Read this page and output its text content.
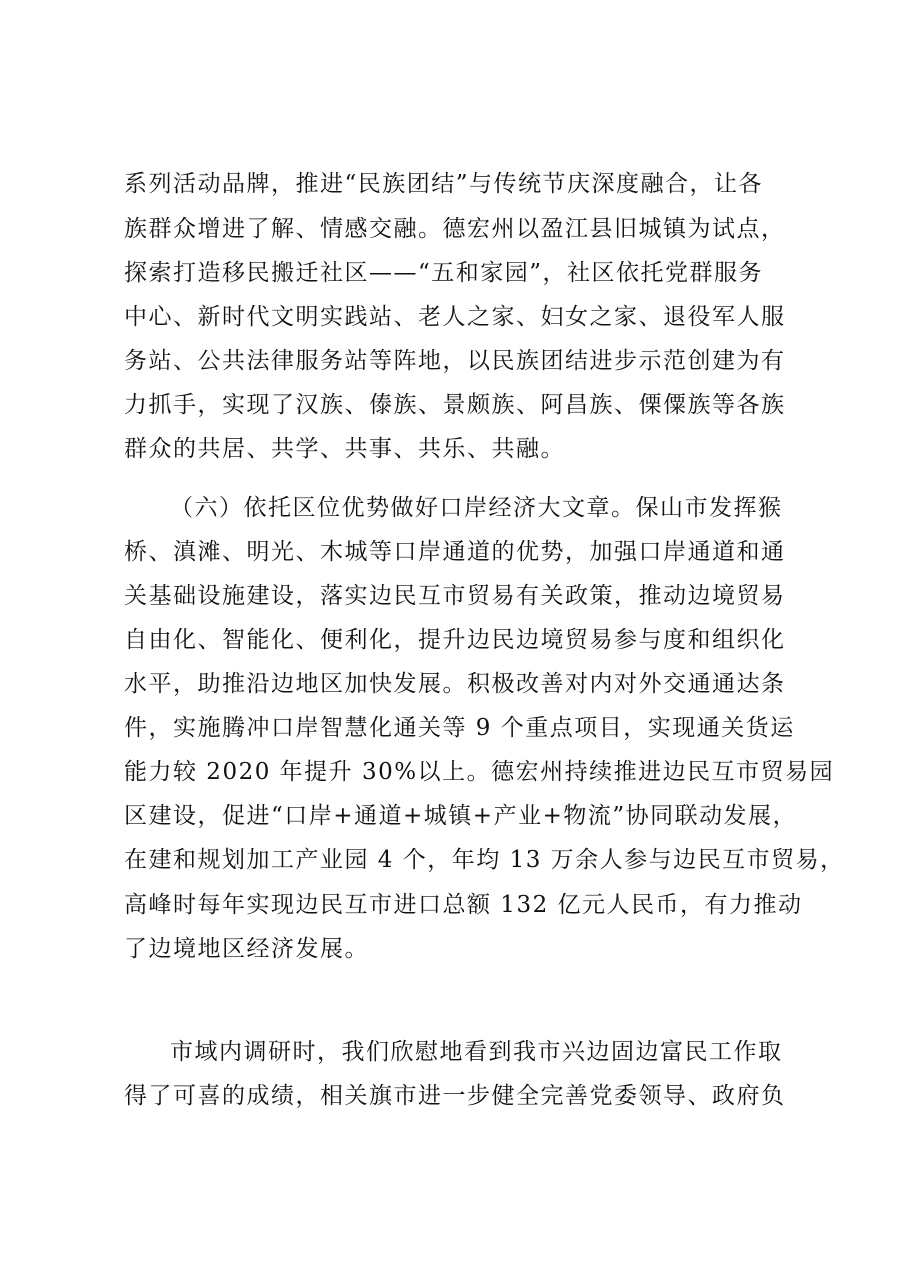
系列活动品牌，推进“民族团结”与传统节庆深度融合，让各
族群众增进了解、情感交融。德宏州以盈江县旧城镇为试点，
探索打造移民搬迁社区——“五和家园”，社区依托党群服务
中心、新时代文明实践站、老人之家、妇女之家、退役军人服
务站、公共法律服务站等阵地，以民族团结进步示范创建为有
力抓手，实现了汉族、傣族、景颇族、阿昌族、傈僳族等各族
群众的共居、共学、共事、共乐、共融。
（六）依托区位优势做好口岸经济大文章。保山市发挥猴
桥、滇滩、明光、木城等口岸通道的优势，加强口岸通道和通
关基础设施建设，落实边民互市贸易有关政策，推动边境贸易
自由化、智能化、便利化，提升边民边境贸易参与度和组织化
水平，助推沿边地区加快发展。积极改善对内对外交通通达条
件，实施腾冲口岸智慧化通关等 9 个重点项目，实现通关货运
能力较 2020 年提升 30%以上。德宏州持续推进边民互市贸易园
区建设，促进“口岸+通道+城镇+产业+物流”协同联动发展，
在建和规划加工产业园 4 个，年均 13 万余人参与边民互市贸易，
高峰时每年实现边民互市进口总额 132 亿元人民币，有力推动
了边境地区经济发展。
市域内调研时，我们欣慰地看到我市兴边固边富民工作取
得了可喜的成绩，相关旗市进一步健全完善党委领导、政府负
